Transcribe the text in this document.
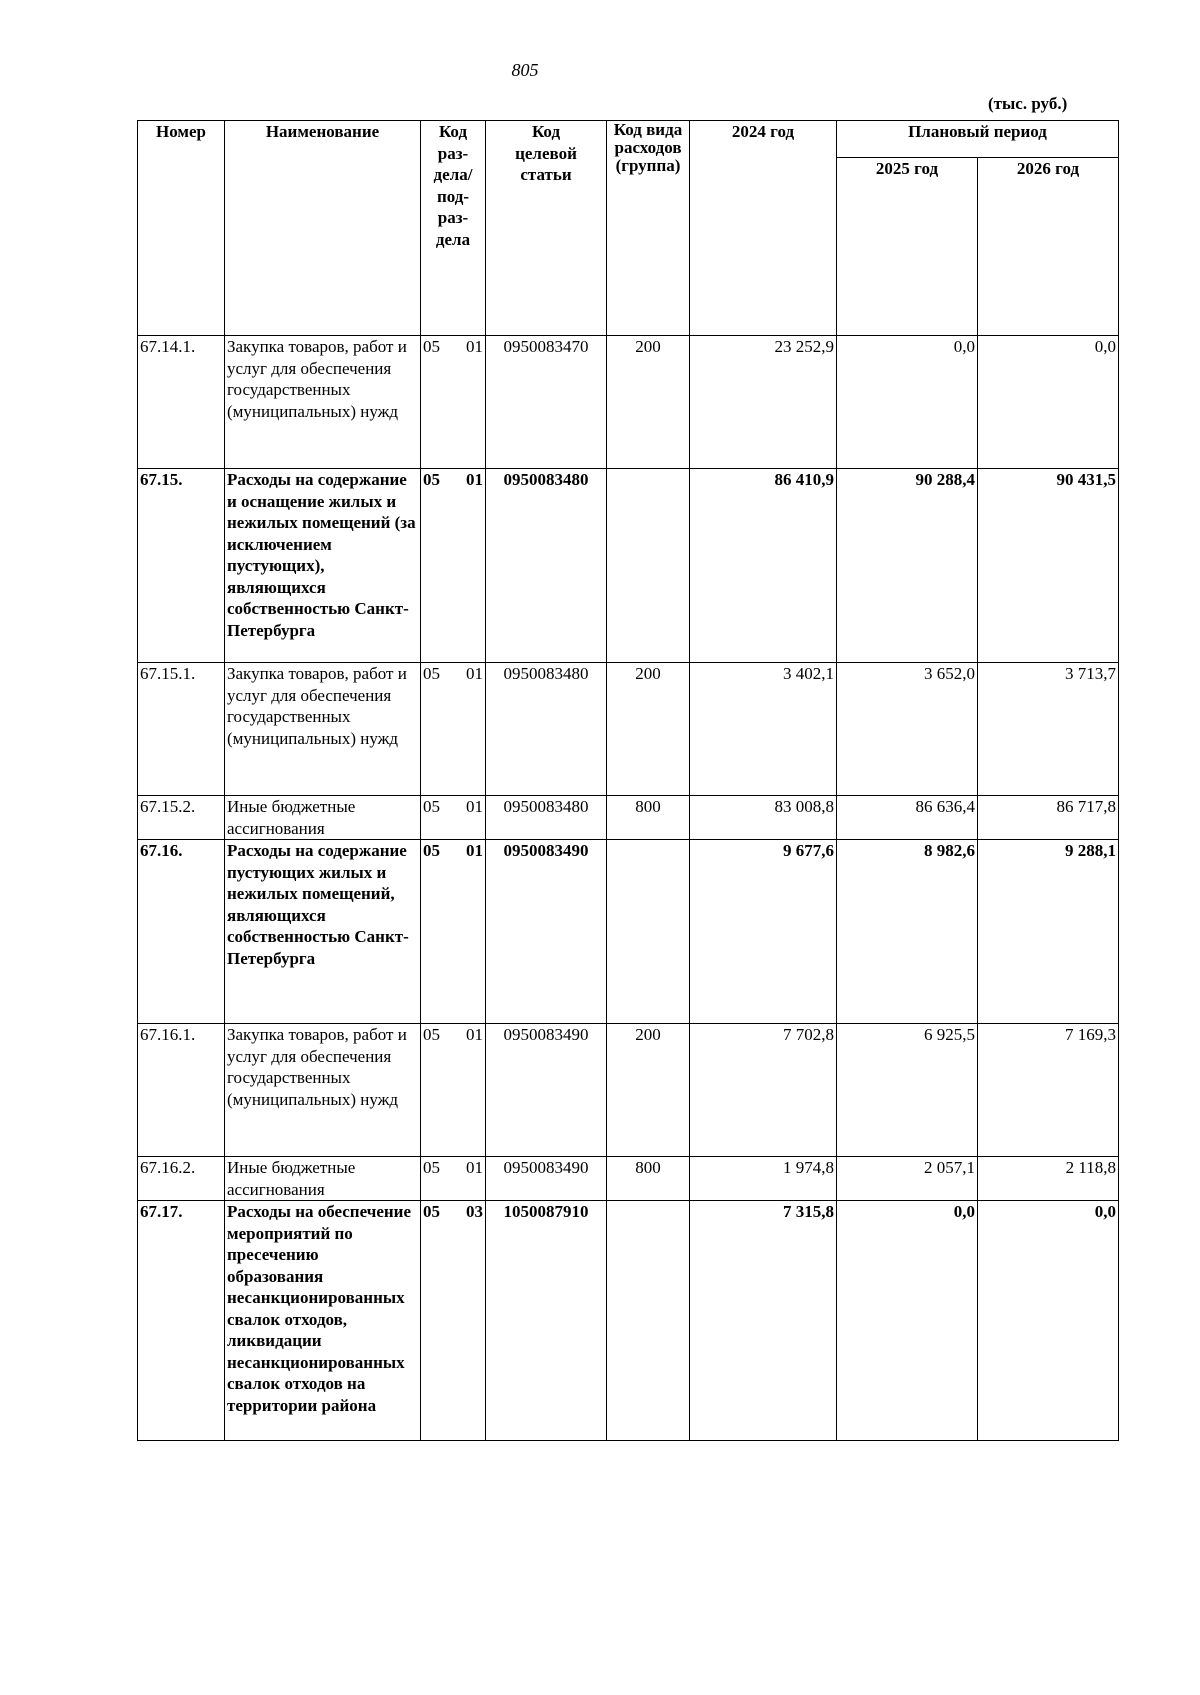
805
(тыс. руб.)
Номер	Наименование	Код раз-
дела/
под-
раз-
дела	Код
целевой
статьи	Код вида
расходов
(группа)	2024 год	Плановый период	
						2025 год	2026 год
67.14.1.	Закупка товаров, работ и услуг для обеспечения государственных (муниципальных) нужд	05 01	0950083470	200	23 252,9	0,0	0,0
67.15.	Расходы на содержание и оснащение жилых и нежилых помещений (за исключением пустующих), являющихся собственностью Санкт-Петербурга	05 01	0950083480		86 410,9	90 288,4	90 431,5
67.15.1.	Закупка товаров, работ и услуг для обеспечения государственных (муниципальных) нужд	05 01	0950083480	200	3 402,1	3 652,0	3 713,7
67.15.2.	Иные бюджетные ассигнования	05 01	0950083480	800	83 008,8	86 636,4	86 717,8
67.16.	Расходы на содержание пустующих жилых и нежилых помещений, являющихся собственностью Санкт-Петербурга	05 01	0950083490		9 677,6	8 982,6	9 288,1
67.16.1.	Закупка товаров, работ и услуг для обеспечения государственных (муниципальных) нужд	05 01	0950083490	200	7 702,8	6 925,5	7 169,3
67.16.2.	Иные бюджетные ассигнования	05 01	0950083490	800	1 974,8	2 057,1	2 118,8
67.17.	Расходы на обеспечение мероприятий по пресечению образования несанкционированных свалок отходов, ликвидации несанкционированных свалок отходов на территории района	05 03	1050087910		7 315,8	0,0	0,0
